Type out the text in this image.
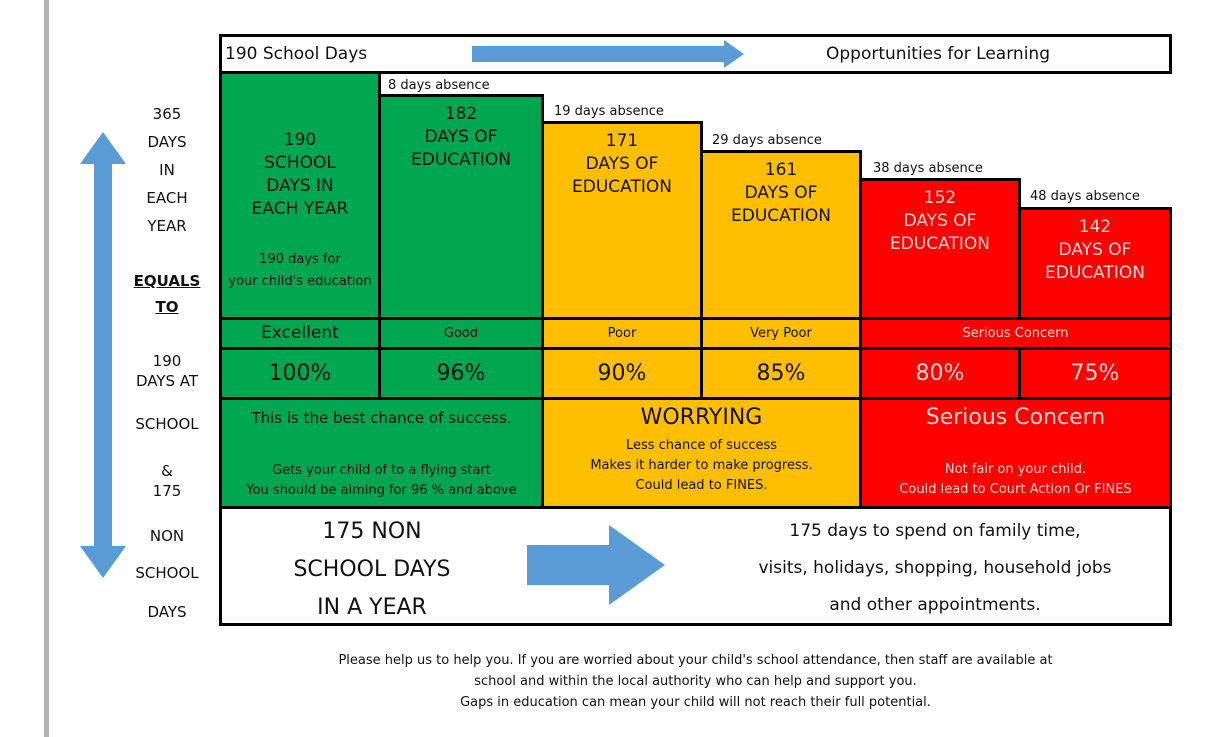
190 School Days	Opportunities for Learning
365
DAYS
IN
EACH
YEAR
EQUALS
TO
190
DAYS AT
SCHOOL
&
175
NON
SCHOOL
DAYS
190
SCHOOL
DAYS IN
EACH YEAR
190 days for
your child's education
8 days absence
182
DAYS OF
EDUCATION
19 days absence
171
DAYS OF
EDUCATION
29 days absence
161
DAYS OF
EDUCATION
38 days absence
152
DAYS OF
EDUCATION
48 days absence
142
DAYS OF
EDUCATION
Excellent	Good	Poor	Very Poor	Serious Concern
100%	96%	90%	85%	80%	75%
This is the best chance of success.
Gets your child of to a flying start
You should be aiming for 96 % and above
WORRYING
Less chance of success
Makes it harder to make progress.
Could lead to FINES.
Serious Concern
Not fair on your child.
Could lead to Court Action Or FINES
175 NON
SCHOOL DAYS
IN A YEAR
175 days to spend on family time,
visits, holidays, shopping, household jobs
and other appointments.
Please help us to help you. If you are worried about your child's school attendance, then staff are available at
school and within the local authority who can help and support you.
Gaps in education can mean your child will not reach their full potential.
